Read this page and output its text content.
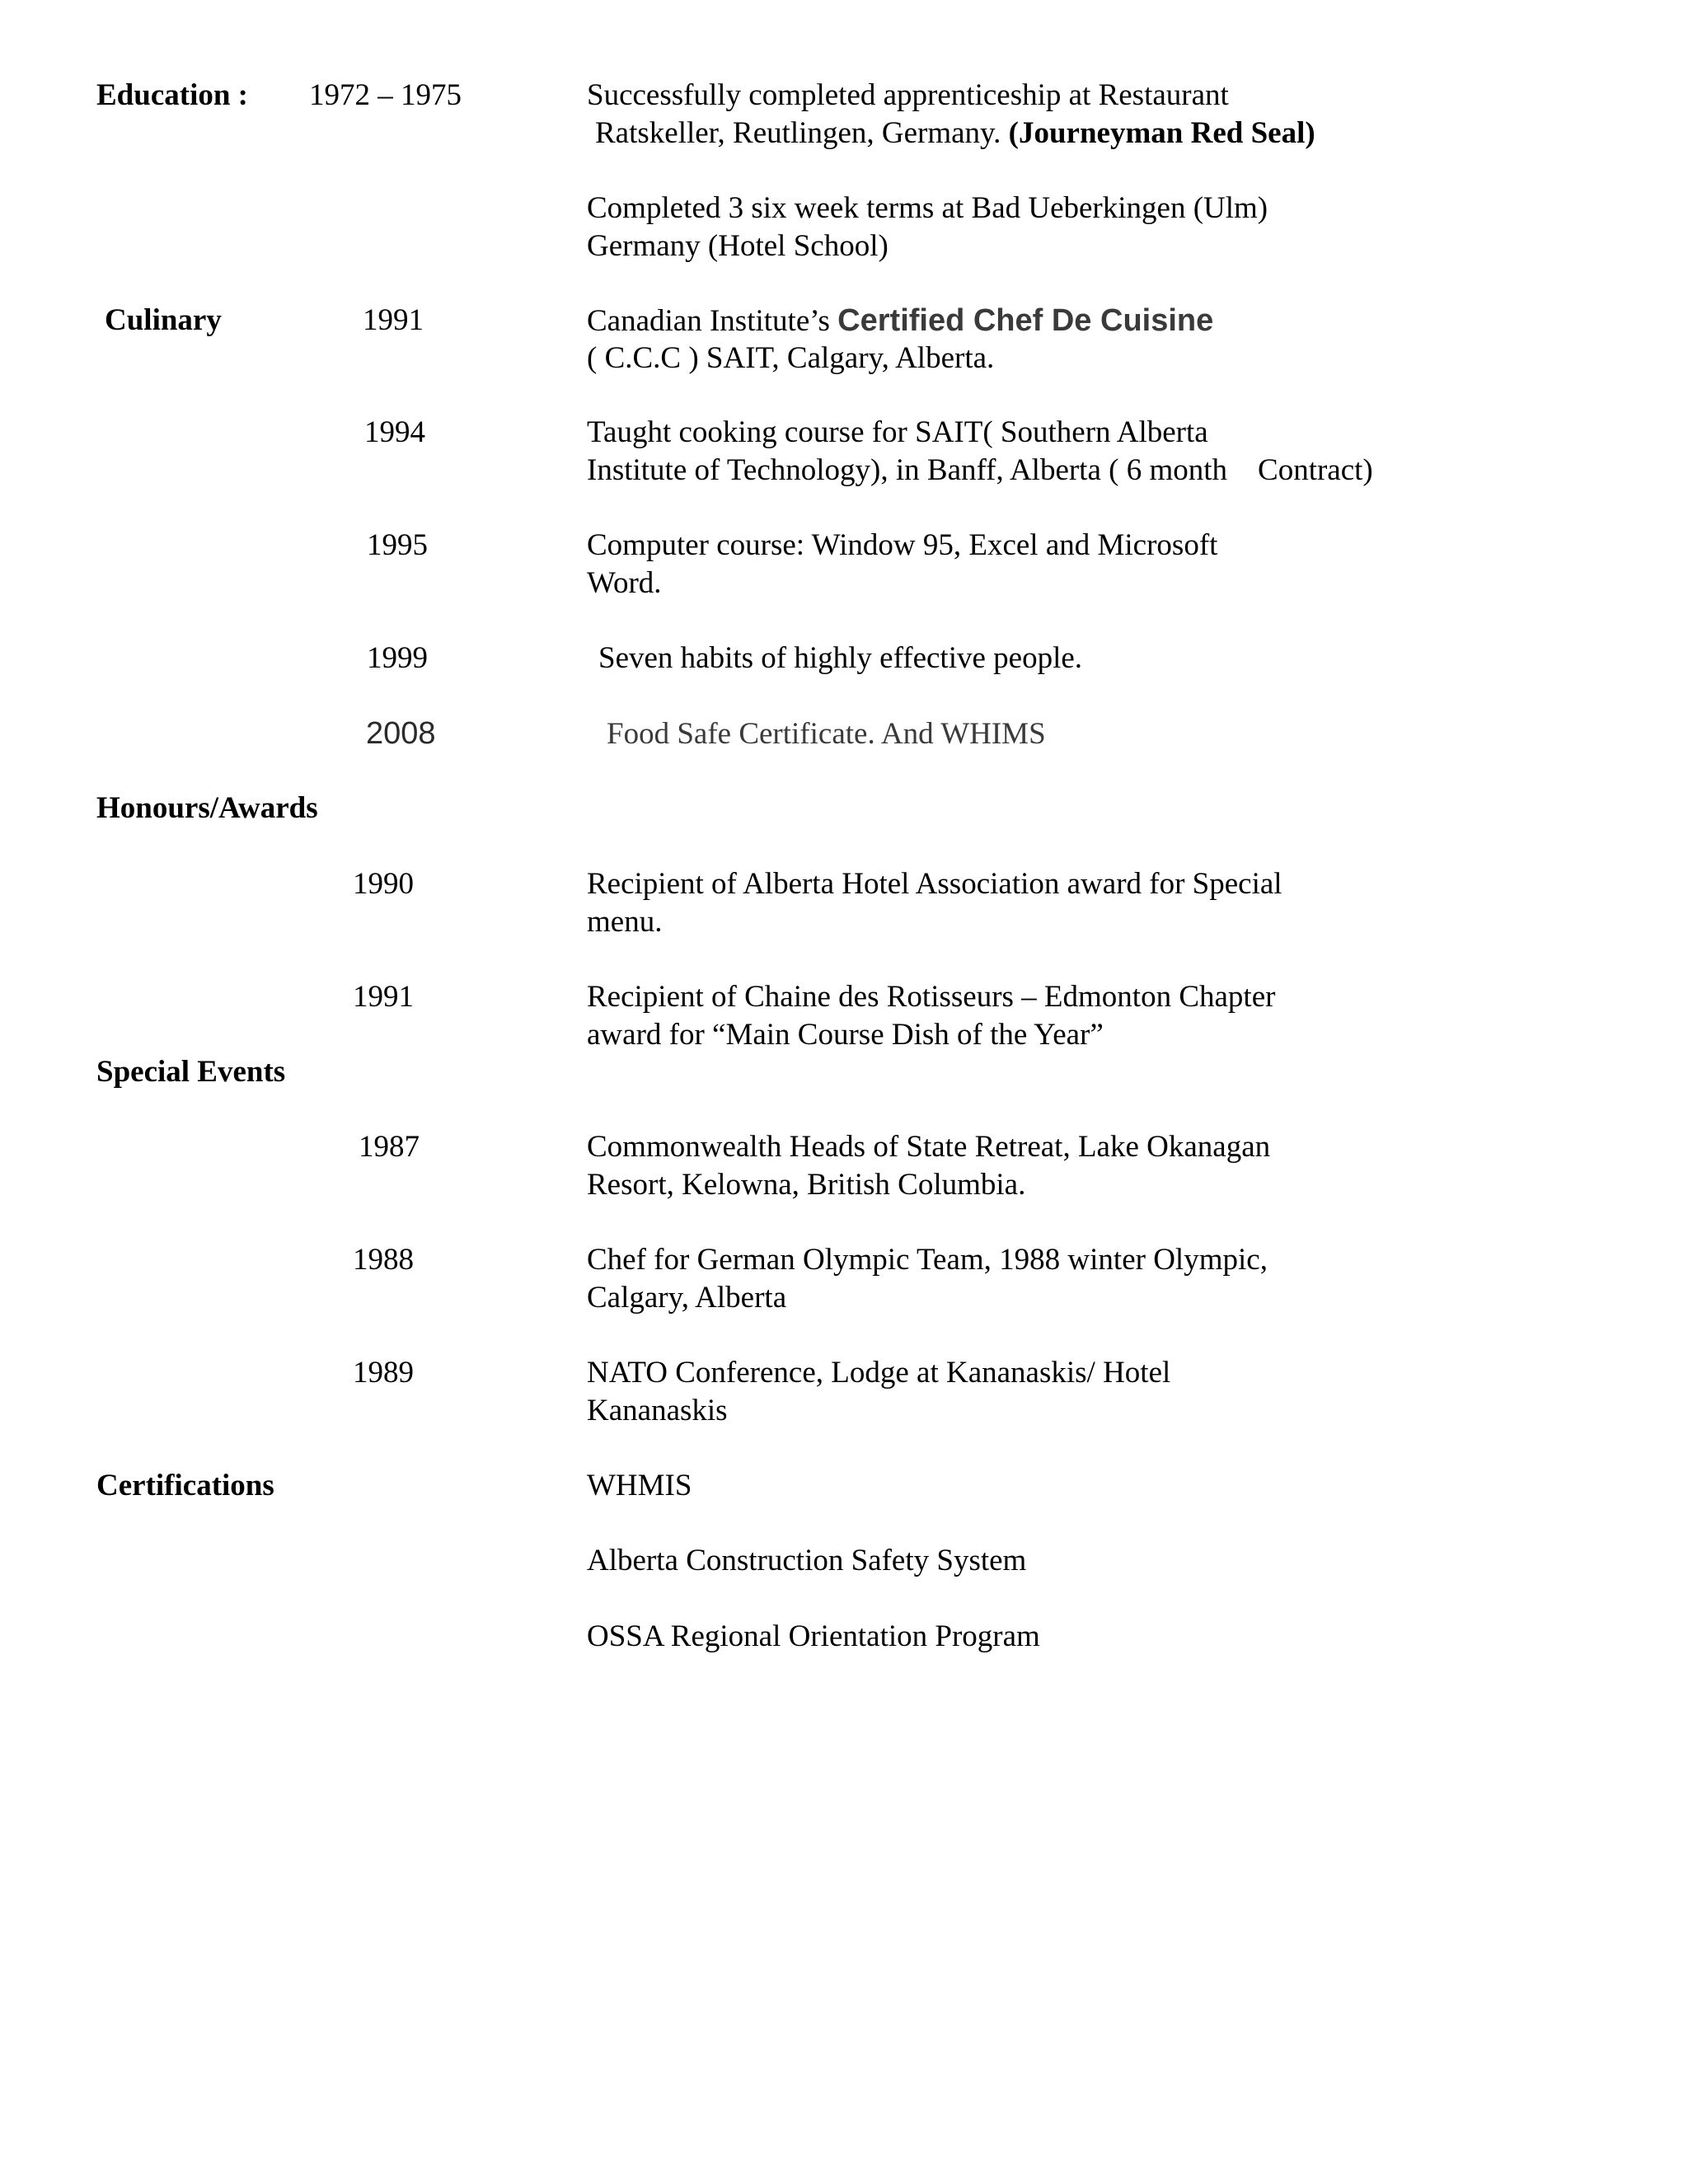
Education : 1972 – 1975	Successfully completed apprenticeship at Restaurant
Ratskeller, Reutlingen, Germany. (Journeyman Red Seal)
Completed 3 six week terms at Bad Ueberkingen (Ulm)
Germany (Hotel School)
Culinary	1991	Canadian Institute’s Certified Chef De Cuisine
( C.C.C ) SAIT, Calgary, Alberta.
1994	Taught cooking course for SAIT( Southern Alberta
Institute of Technology), in Banff, Alberta ( 6 month    Contract)
1995	Computer course: Window 95, Excel and Microsoft
Word.
1999	Seven habits of highly effective people.
2008	Food Safe Certificate. And WHIMS
Honours/Awards
1990	Recipient of Alberta Hotel Association award for Special
menu.
1991	Recipient of Chaine des Rotisseurs – Edmonton Chapter
award for “Main Course Dish of the Year”
Special Events
1987	Commonwealth Heads of State Retreat, Lake Okanagan
Resort, Kelowna, British Columbia.
1988	Chef for German Olympic Team, 1988 winter Olympic,
Calgary, Alberta
1989	NATO Conference, Lodge at Kananaskis/ Hotel
Kananaskis
Certifications	WHMIS
Alberta Construction Safety System
OSSA Regional Orientation Program
